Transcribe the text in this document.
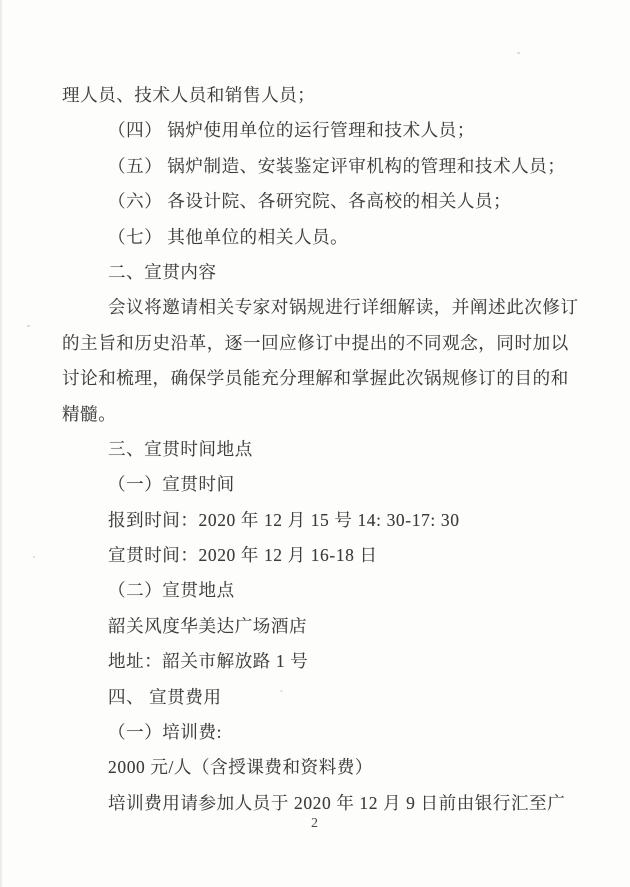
理人员、技术人员和销售人员；
（四） 锅炉使用单位的运行管理和技术人员；
（五） 锅炉制造、安装鉴定评审机构的管理和技术人员；
（六） 各设计院、各研究院、各高校的相关人员；
（七） 其他单位的相关人员。
二、宣贯内容
会议将邀请相关专家对锅规进行详细解读，并阐述此次修订
的主旨和历史沿革，逐一回应修订中提出的不同观念，同时加以
讨论和梳理，确保学员能充分理解和掌握此次锅规修订的目的和
精髓。
三、宣贯时间地点
（一）宣贯时间
报到时间：2020 年 12 月 15 号 14: 30-17: 30
宣贯时间：2020 年 12 月 16-18 日
（二）宣贯地点
韶关风度华美达广场酒店
地址：韶关市解放路 1 号
四、 宣贯费用
（一）培训费:
2000 元/人（含授课费和资料费）
培训费用请参加人员于 2020 年 12 月 9 日前由银行汇至广
2
